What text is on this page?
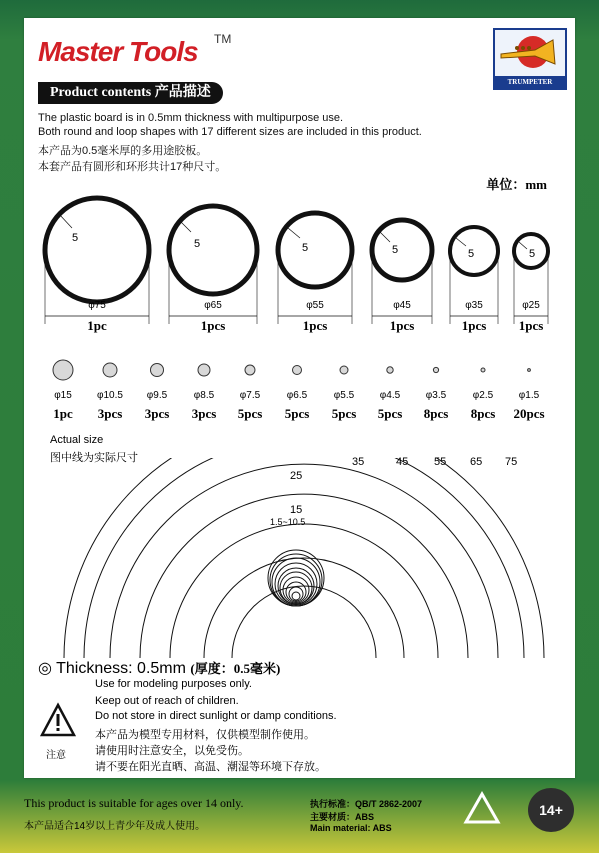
Master Tools TM
TRUMPETER
Product contents 产品描述
The plastic board is in 0.5mm thickness with multipurpose use.
Both round and loop shapes with 17 different sizes are included in this product.
本产品为0.5毫米厚的多用途胶板。
本套产品有圆形和环形共计17种尺寸。
单位：mm
5	5	5	5	5	5
φ75	φ65	φ55	φ45	φ35	φ25
1pc	1pcs	1pcs	1pcs	1pcs	1pcs
φ15	φ10.5	φ9.5	φ8.5	φ7.5	φ6.5	φ5.5	φ4.5	φ3.5	φ2.5	φ1.5
1pc	3pcs	3pcs	3pcs	5pcs	5pcs	5pcs	5pcs	8pcs	8pcs	20pcs
Actual size
图中线为实际尺寸
25
35	45 55 65 75
15
1.5~10.5
◎ Thickness: 0.5mm (厚度：0.5毫米)
Use for modeling purposes only.
Keep out of reach of children.
Do not store in direct sunlight or damp conditions.
本产品为模型专用材料，仅供模型制作使用。
请使用时注意安全，以免受伤。
请不要在阳光直晒、高温、潮湿等环境下存放。
注意
This product is suitable for ages over 14 only.
本产品适合14岁以上青少年及成人使用。
执行标准：QB/T 2862-2007
主要材质：ABS
Main material: ABS
14+
